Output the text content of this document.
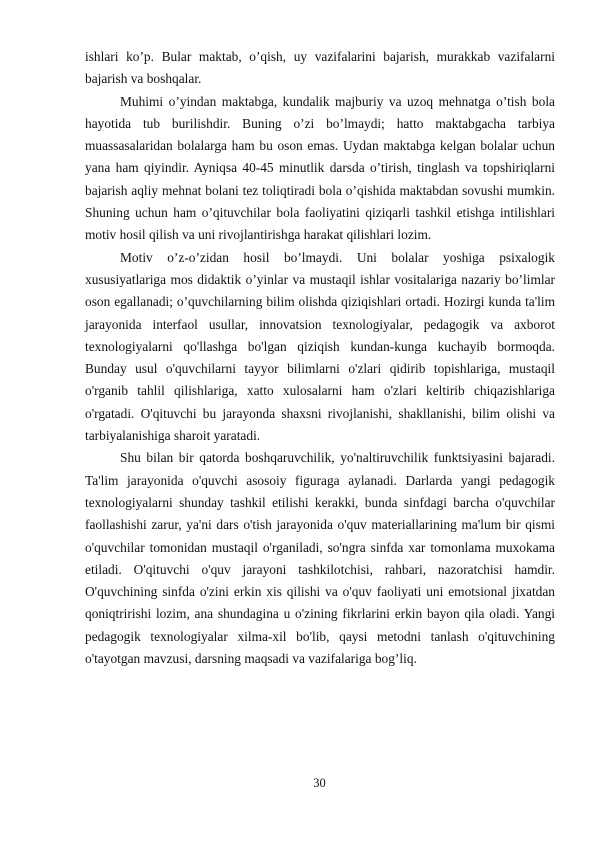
ishlari ko’p. Bular maktab, o’qish, uy vazifalarini bajarish, murakkab vazifalarni bajarish va boshqalar.

Muhimi o’yindan maktabga, kundalik majburiy va uzoq mehnatga o’tish bola hayotida tub burilishdir. Buning o’zi bo’lmaydi; hatto maktabgacha tarbiya muassasalaridan bolalarga ham bu oson emas. Uydan maktabga kelgan bolalar uchun yana ham qiyindir. Ayniqsa 40-45 minutlik darsda o’tirish, tinglash va topshiriqlarni bajarish aqliy mehnat bolani tez toliqtiradi bola o’qishida maktabdan sovushi mumkin. Shuning uchun ham o’qituvchilar bola faoliyatini qiziqarli tashkil etishga intilishlari motiv hosil qilish va uni rivojlantirishga harakat qilishlari lozim.

Motiv o’z-o’zidan hosil bo’lmaydi. Uni bolalar yoshiga psixalogik xususiyatlariga mos didaktik o’yinlar va mustaqil ishlar vositalariga nazariy bo’limlar oson egallanadi; o’quvchilarning bilim olishda qiziqishlari ortadi. Hozirgi kunda ta'lim jarayonida interfaol usullar, innovatsion texnologiyalar, pedagogik va axborot texnologiyalarni qo'llashga bo'lgan qiziqish kundan-kunga kuchayib bormoqda. Bunday usul o'quvchilarni tayyor bilimlarni o'zlari qidirib topishlariga, mustaqil o'rganib tahlil qilishlariga, xatto xulosalarni ham o'zlari keltirib chiqazishlariga o'rgatadi. O'qituvchi bu jarayonda shaxsni rivojlanishi, shakllanishi, bilim olishi va tarbiyalanishiga sharoit yaratadi.

Shu bilan bir qatorda boshqaruvchilik, yo'naltiruvchilik funktsiyasini bajaradi. Ta'lim jarayonida o'quvchi asosoiy figuraga aylanadi. Darlarda yangi pedagogik texnologiyalarni shunday tashkil etilishi kerakki, bunda sinfdagi barcha o'quvchilar faollashishi zarur, ya'ni dars o'tish jarayonida o'quv materiallarining ma'lum bir qismi o'quvchilar tomonidan mustaqil o'rganiladi, so'ngra sinfda xar tomonlama muxokama etiladi. O'qituvchi o'quv jarayoni tashkilotchisi, rahbari, nazoratchisi hamdir. O'quvchining sinfda o'zini erkin xis qilishi va o'quv faoliyati uni emotsional jixatdan qoniqtririshi lozim, ana shundagina u o'zining fikrlarini erkin bayon qila oladi. Yangi pedagogik texnologiyalar xilma-xil bo'lib, qaysi metodni tanlash o'qituvchining o'tayotgan mavzusi, darsning maqsadi va vazifalariga bog’liq.

30
